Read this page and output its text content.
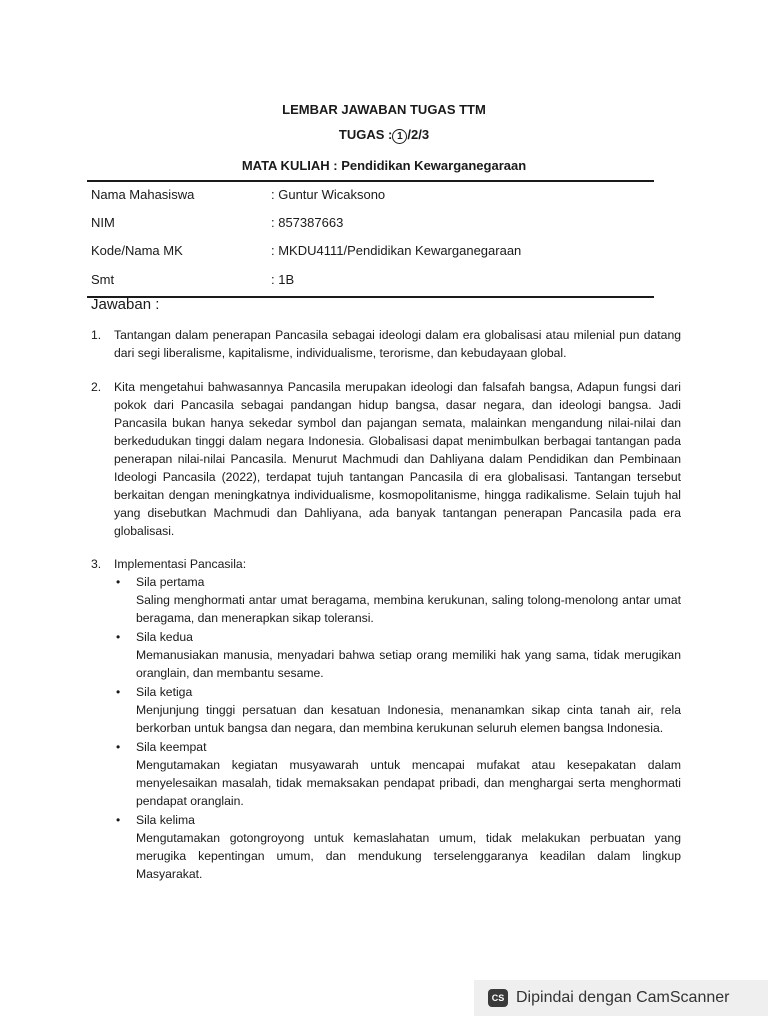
LEMBAR JAWABAN TUGAS TTM
TUGAS : 1 /2/3
MATA KULIAH : Pendidikan Kewarganegaraan
Nama Mahasiswa	: Guntur Wicaksono
NIM	: 857387663
Kode/Nama MK	: MKDU4111/Pendidikan Kewarganegaraan
Smt	: 1B
Jawaban :
1. Tantangan dalam penerapan Pancasila sebagai ideologi dalam era globalisasi atau milenial pun datang dari segi liberalisme, kapitalisme, individualisme, terorisme, dan kebudayaan global.
2. Kita mengetahui bahwasannya Pancasila merupakan ideologi dan falsafah bangsa, Adapun fungsi dari pokok dari Pancasila sebagai pandangan hidup bangsa, dasar negara, dan ideologi bangsa. Jadi Pancasila bukan hanya sekedar symbol dan pajangan semata, malainkan mengandung nilai-nilai dan berkedudukan tinggi dalam negara Indonesia. Globalisasi dapat menimbulkan berbagai tantangan pada penerapan nilai-nilai Pancasila. Menurut Machmudi dan Dahliyana dalam Pendidikan dan Pembinaan Ideologi Pancasila (2022), terdapat tujuh tantangan Pancasila di era globalisasi. Tantangan tersebut berkaitan dengan meningkatnya individualisme, kosmopolitanisme, hingga radikalisme. Selain tujuh hal yang disebutkan Machmudi dan Dahliyana, ada banyak tantangan penerapan Pancasila pada era globalisasi.
3. Implementasi Pancasila:
• Sila pertama
Saling menghormati antar umat beragama, membina kerukunan, saling tolong-menolong antar umat beragama, dan menerapkan sikap toleransi.
• Sila kedua
Memanusiakan manusia, menyadari bahwa setiap orang memiliki hak yang sama, tidak merugikan oranglain, dan membantu sesame.
• Sila ketiga
Menjunjung tinggi persatuan dan kesatuan Indonesia, menanamkan sikap cinta tanah air, rela berkorban untuk bangsa dan negara, dan membina kerukunan seluruh elemen bangsa Indonesia.
• Sila keempat
Mengutamakan kegiatan musyawarah untuk mencapai mufakat atau kesepakatan dalam menyelesaikan masalah, tidak memaksakan pendapat pribadi, dan menghargai serta menghormati pendapat oranglain.
• Sila kelima
Mengutamakan gotongroyong untuk kemaslahatan umum, tidak melakukan perbuatan yang merugika kepentingan umum, dan mendukung terselenggaranya keadilan dalam lingkup Masyarakat.
CS Dipindai dengan CamScanner
